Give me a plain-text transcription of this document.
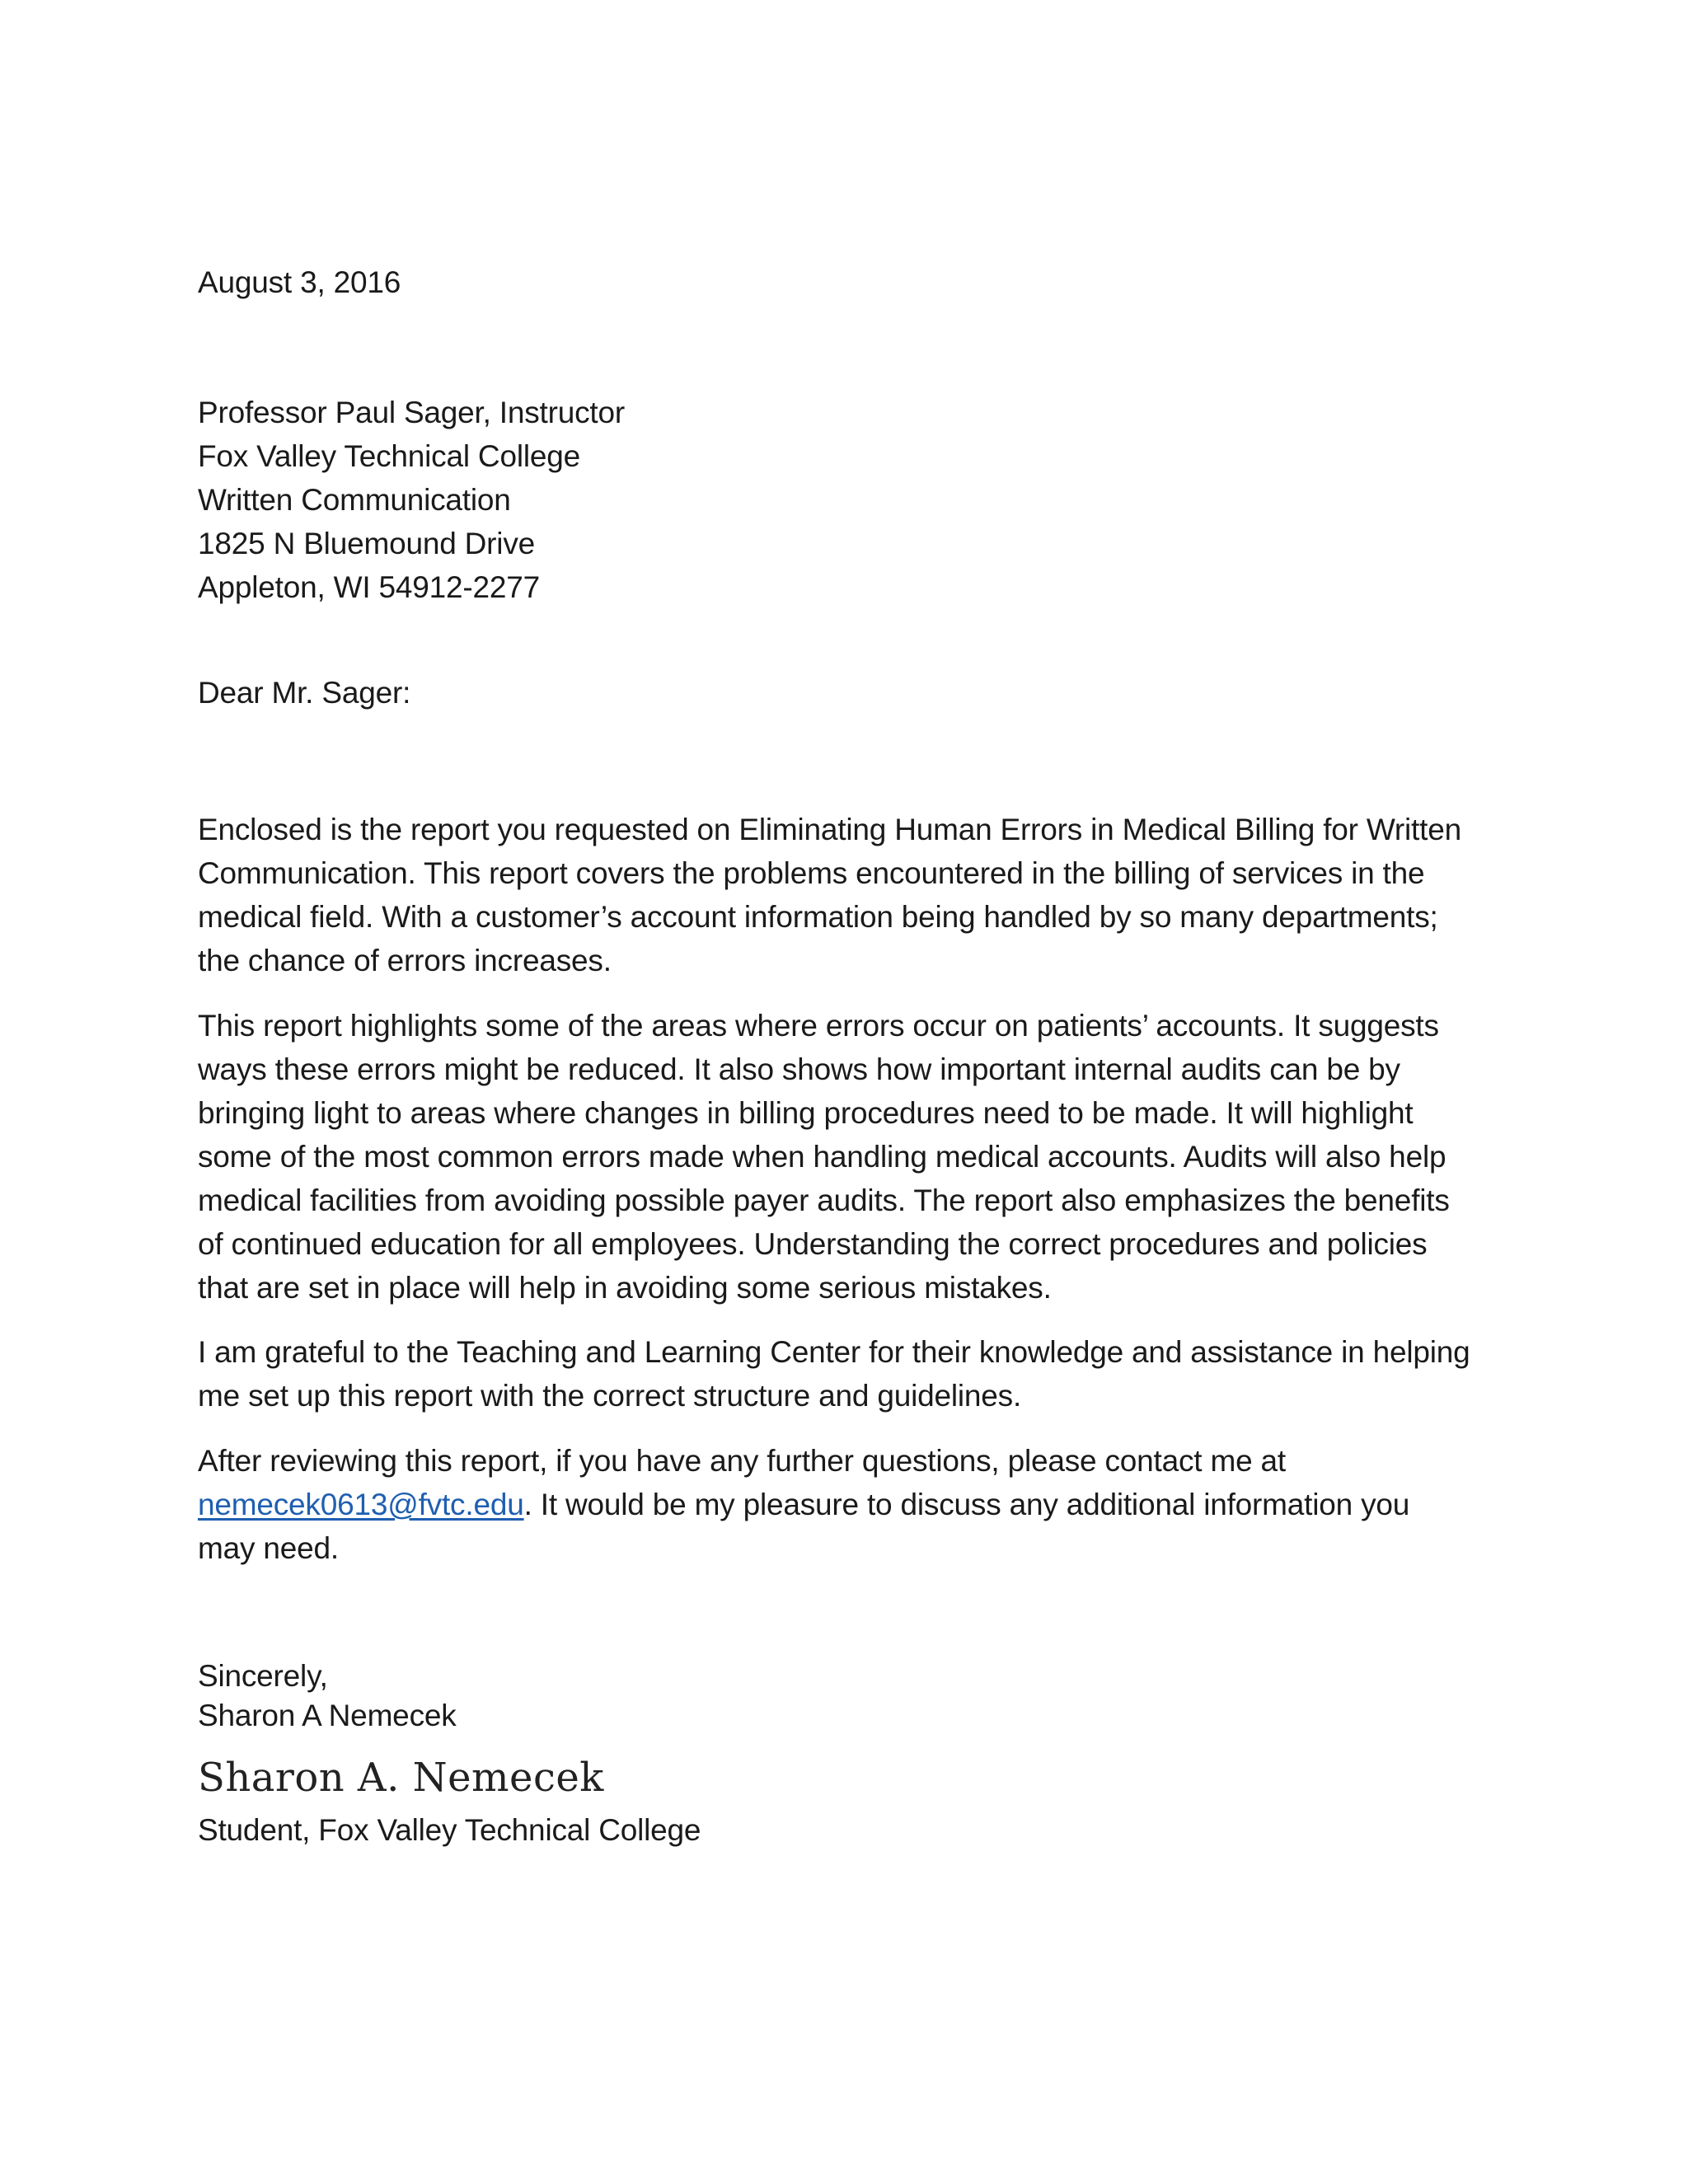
August 3, 2016
Professor Paul Sager, Instructor
Fox Valley Technical College
Written Communication
1825 N Bluemound Drive
Appleton, WI 54912-2277
Dear Mr. Sager:
Enclosed is the report you requested on Eliminating Human Errors in Medical Billing for Written
Communication. This report covers the problems encountered in the billing of services in the
medical field. With a customer’s account information being handled by so many departments;
the chance of errors increases.
This report highlights some of the areas where errors occur on patients’ accounts. It suggests
ways these errors might be reduced. It also shows how important internal audits can be by
bringing light to areas where changes in billing procedures need to be made. It will highlight
some of the most common errors made when handling medical accounts. Audits will also help
medical facilities from avoiding possible payer audits. The report also emphasizes the benefits
of continued education for all employees. Understanding the correct procedures and policies
that are set in place will help in avoiding some serious mistakes.
I am grateful to the Teaching and Learning Center for their knowledge and assistance in helping
me set up this report with the correct structure and guidelines.
After reviewing this report, if you have any further questions, please contact me at
nemecek0613@fvtc.edu. It would be my pleasure to discuss any additional information you
may need.
Sincerely,
Sharon A Nemecek
Sharon A. Nemecek
Student, Fox Valley Technical College
